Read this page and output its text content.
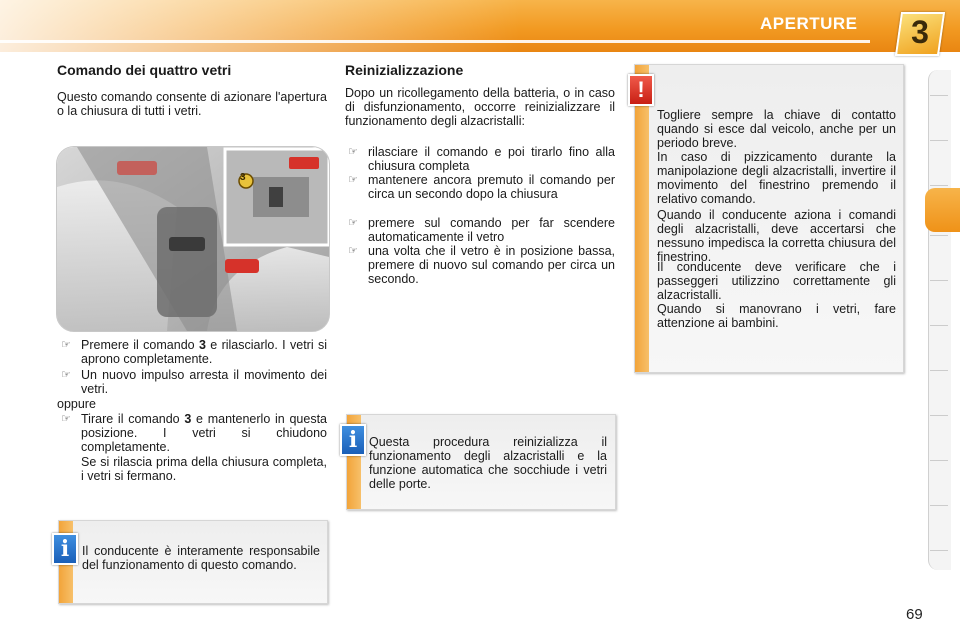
APERTURE	3
Comando dei quattro vetri
Questo comando consente di azionare l'apertura o la chiusura di tutti i vetri.
3
☞ Premere il comando 3 e rilasciarlo. I vetri si aprono completamente.
☞ Un nuovo impulso arresta il movimento dei vetri.
oppure
☞ Tirare il comando 3 e mantenerlo in questa posizione. I vetri si chiudono completamente.
Se si rilascia prima della chiusura completa, i vetri si fermano.
i	Il conducente è interamente responsabile del funzionamento di questo comando.
Reinizializzazione
Dopo un ricollegamento della batteria, o in caso di disfunzionamento, occorre reinizializzare il funzionamento degli alzacristalli:
☞ rilasciare il comando e poi tirarlo fino alla chiusura completa
☞ mantenere ancora premuto il comando per circa un secondo dopo la chiusura
☞ premere sul comando per far scendere automaticamente il vetro
☞ una volta che il vetro è in posizione bassa, premere di nuovo sul comando per circa un secondo.
i Questa procedura reinizializza il funzionamento degli alzacristalli e la funzione automatica che socchiude i vetri delle porte.
!
Togliere sempre la chiave di contatto quando si esce dal veicolo, anche per un periodo breve.
In caso di pizzicamento durante la manipolazione degli alzacristalli, invertire il movimento del finestrino premendo il relativo comando.
Quando il conducente aziona i comandi degli alzacristalli, deve accertarsi che nessuno impedisca la corretta chiusura del finestrino.
Il conducente deve verificare che i passeggeri utilizzino correttamente gli alzacristalli.
Quando si manovrano i vetri, fare attenzione ai bambini.
69
